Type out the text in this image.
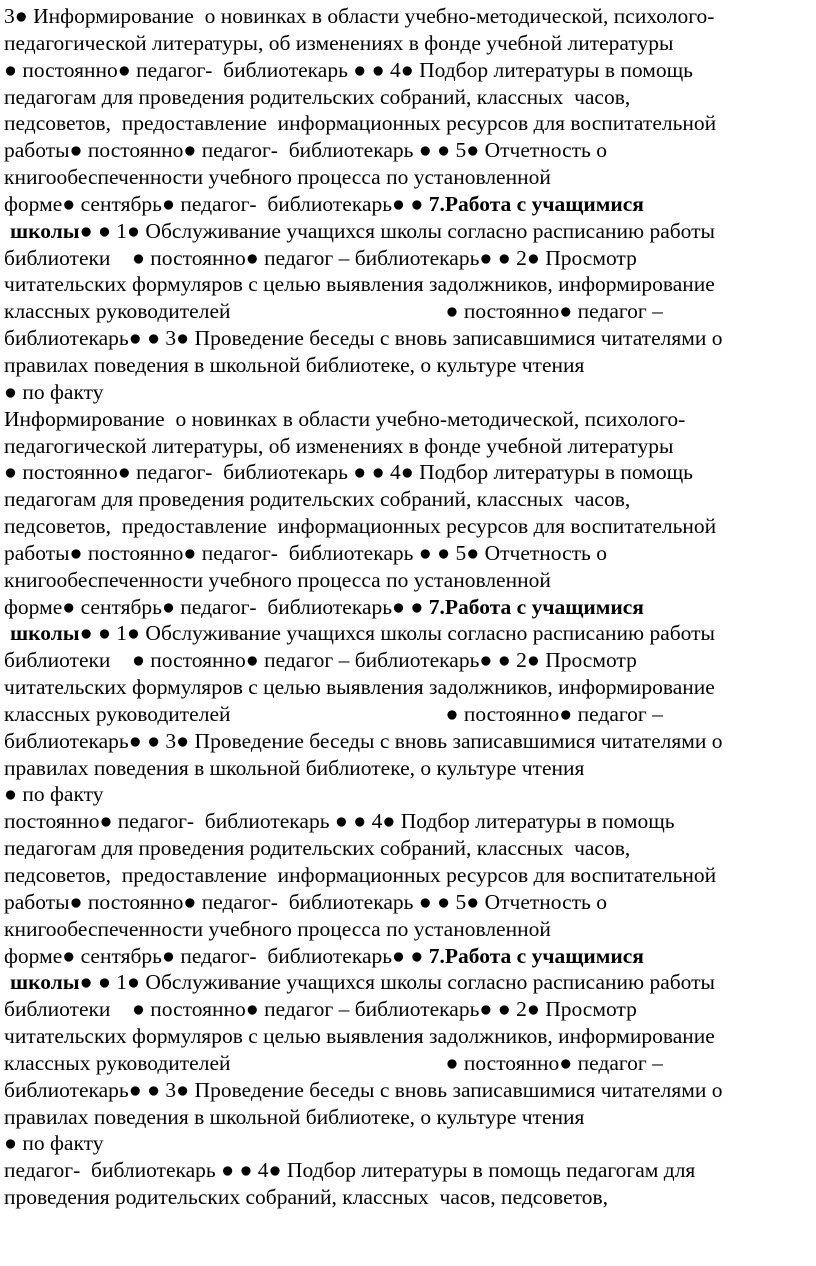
3● Информирование  о новинках в области учебно-методической, психолого-
педагогической литературы, об изменениях в фонде учебной литературы
● постоянно● педагог-  библиотекарь ● ● 4● Подбор литературы в помощь
педагогам для проведения родительских собраний, классных  часов,
педсоветов,  предоставление  информационных ресурсов для воспитательной
работы● постоянно● педагог-  библиотекарь ● ● 5● Отчетность о
книгообеспеченности учебного процесса по установленной
форме● сентябрь● педагог-  библиотекарь● ● 7.Работа с учащимися
школы● ● 1● Обслуживание учащихся школы согласно расписанию работы
библиотеки    ● постоянно● педагог – библиотекарь● ● 2● Просмотр
читательских формуляров с целью выявления задолжников, информирование
классных руководителей                                        ● постоянно● педагог –
библиотекарь● ● 3● Проведение беседы с вновь записавшимися читателями о
правилах поведения в школьной библиотеке, о культуре чтения
● по факту
Информирование  о новинках в области учебно-методической, психолого-
педагогической литературы, об изменениях в фонде учебной литературы
● постоянно● педагог-  библиотекарь ● ● 4● Подбор литературы в помощь
педагогам для проведения родительских собраний, классных  часов,
педсоветов,  предоставление  информационных ресурсов для воспитательной
работы● постоянно● педагог-  библиотекарь ● ● 5● Отчетность о
книгообеспеченности учебного процесса по установленной
форме● сентябрь● педагог-  библиотекарь● ● 7.Работа с учащимися
школы● ● 1● Обслуживание учащихся школы согласно расписанию работы
библиотеки    ● постоянно● педагог – библиотекарь● ● 2● Просмотр
читательских формуляров с целью выявления задолжников, информирование
классных руководителей                                        ● постоянно● педагог –
библиотекарь● ● 3● Проведение беседы с вновь записавшимися читателями о
правилах поведения в школьной библиотеке, о культуре чтения
● по факту
постоянно● педагог-  библиотекарь ● ● 4● Подбор литературы в помощь
педагогам для проведения родительских собраний, классных  часов,
педсоветов,  предоставление  информационных ресурсов для воспитательной
работы● постоянно● педагог-  библиотекарь ● ● 5● Отчетность о
книгообеспеченности учебного процесса по установленной
форме● сентябрь● педагог-  библиотекарь● ● 7.Работа с учащимися
школы● ● 1● Обслуживание учащихся школы согласно расписанию работы
библиотеки    ● постоянно● педагог – библиотекарь● ● 2● Просмотр
читательских формуляров с целью выявления задолжников, информирование
классных руководителей                                        ● постоянно● педагог –
библиотекарь● ● 3● Проведение беседы с вновь записавшимися читателями о
правилах поведения в школьной библиотеке, о культуре чтения
● по факту
педагог-  библиотекарь ● ● 4● Подбор литературы в помощь педагогам для
проведения родительских собраний, классных  часов, педсоветов,
